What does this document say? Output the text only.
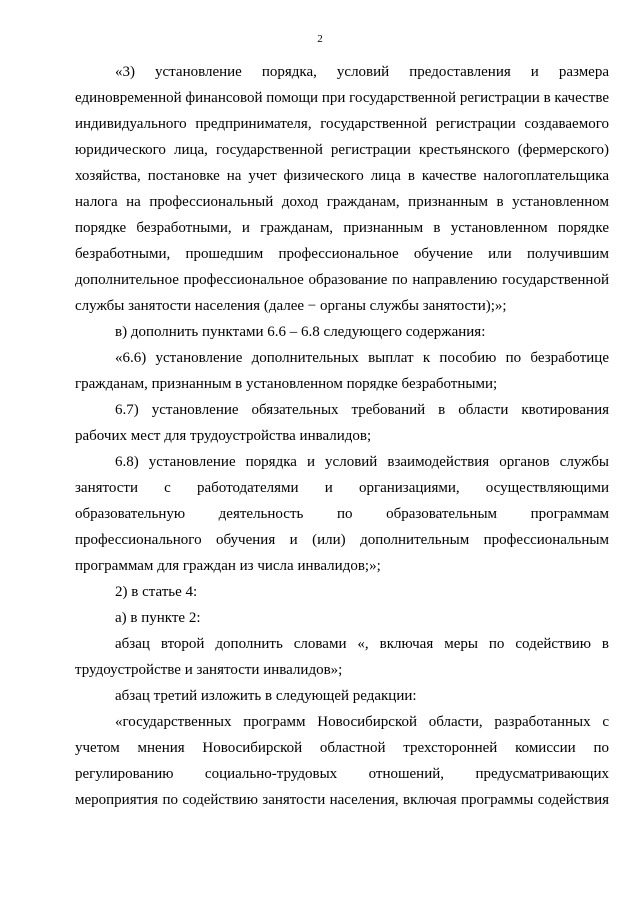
2

«3) установление порядка, условий предоставления и размера единовременной финансовой помощи при государственной регистрации в качестве индивидуального предпринимателя, государственной регистрации создаваемого юридического лица, государственной регистрации крестьянского (фермерского) хозяйства, постановке на учет физического лица в качестве налогоплательщика налога на профессиональный доход гражданам, признанным в установленном порядке безработными, и гражданам, признанным в установленном порядке безработными, прошедшим профессиональное обучение или получившим дополнительное профессиональное образование по направлению государственной службы занятости населения (далее − органы службы занятости);»;

в) дополнить пунктами 6.6 – 6.8 следующего содержания:

«6.6) установление дополнительных выплат к пособию по безработице гражданам, признанным в установленном порядке безработными;

6.7) установление обязательных требований в области квотирования рабочих мест для трудоустройства инвалидов;

6.8) установление порядка и условий взаимодействия органов службы занятости с работодателями и организациями, осуществляющими образовательную деятельность по образовательным программам профессионального обучения и (или) дополнительным профессиональным программам для граждан из числа инвалидов;»;

2) в статье 4:

а) в пункте 2:

абзац второй дополнить словами «, включая меры по содействию в трудоустройстве и занятости инвалидов»;

абзац третий изложить в следующей редакции:

«государственных программ Новосибирской области, разработанных с учетом мнения Новосибирской областной трехсторонней комиссии по регулированию социально-трудовых отношений, предусматривающих мероприятия по содействию занятости населения, включая программы содействия
